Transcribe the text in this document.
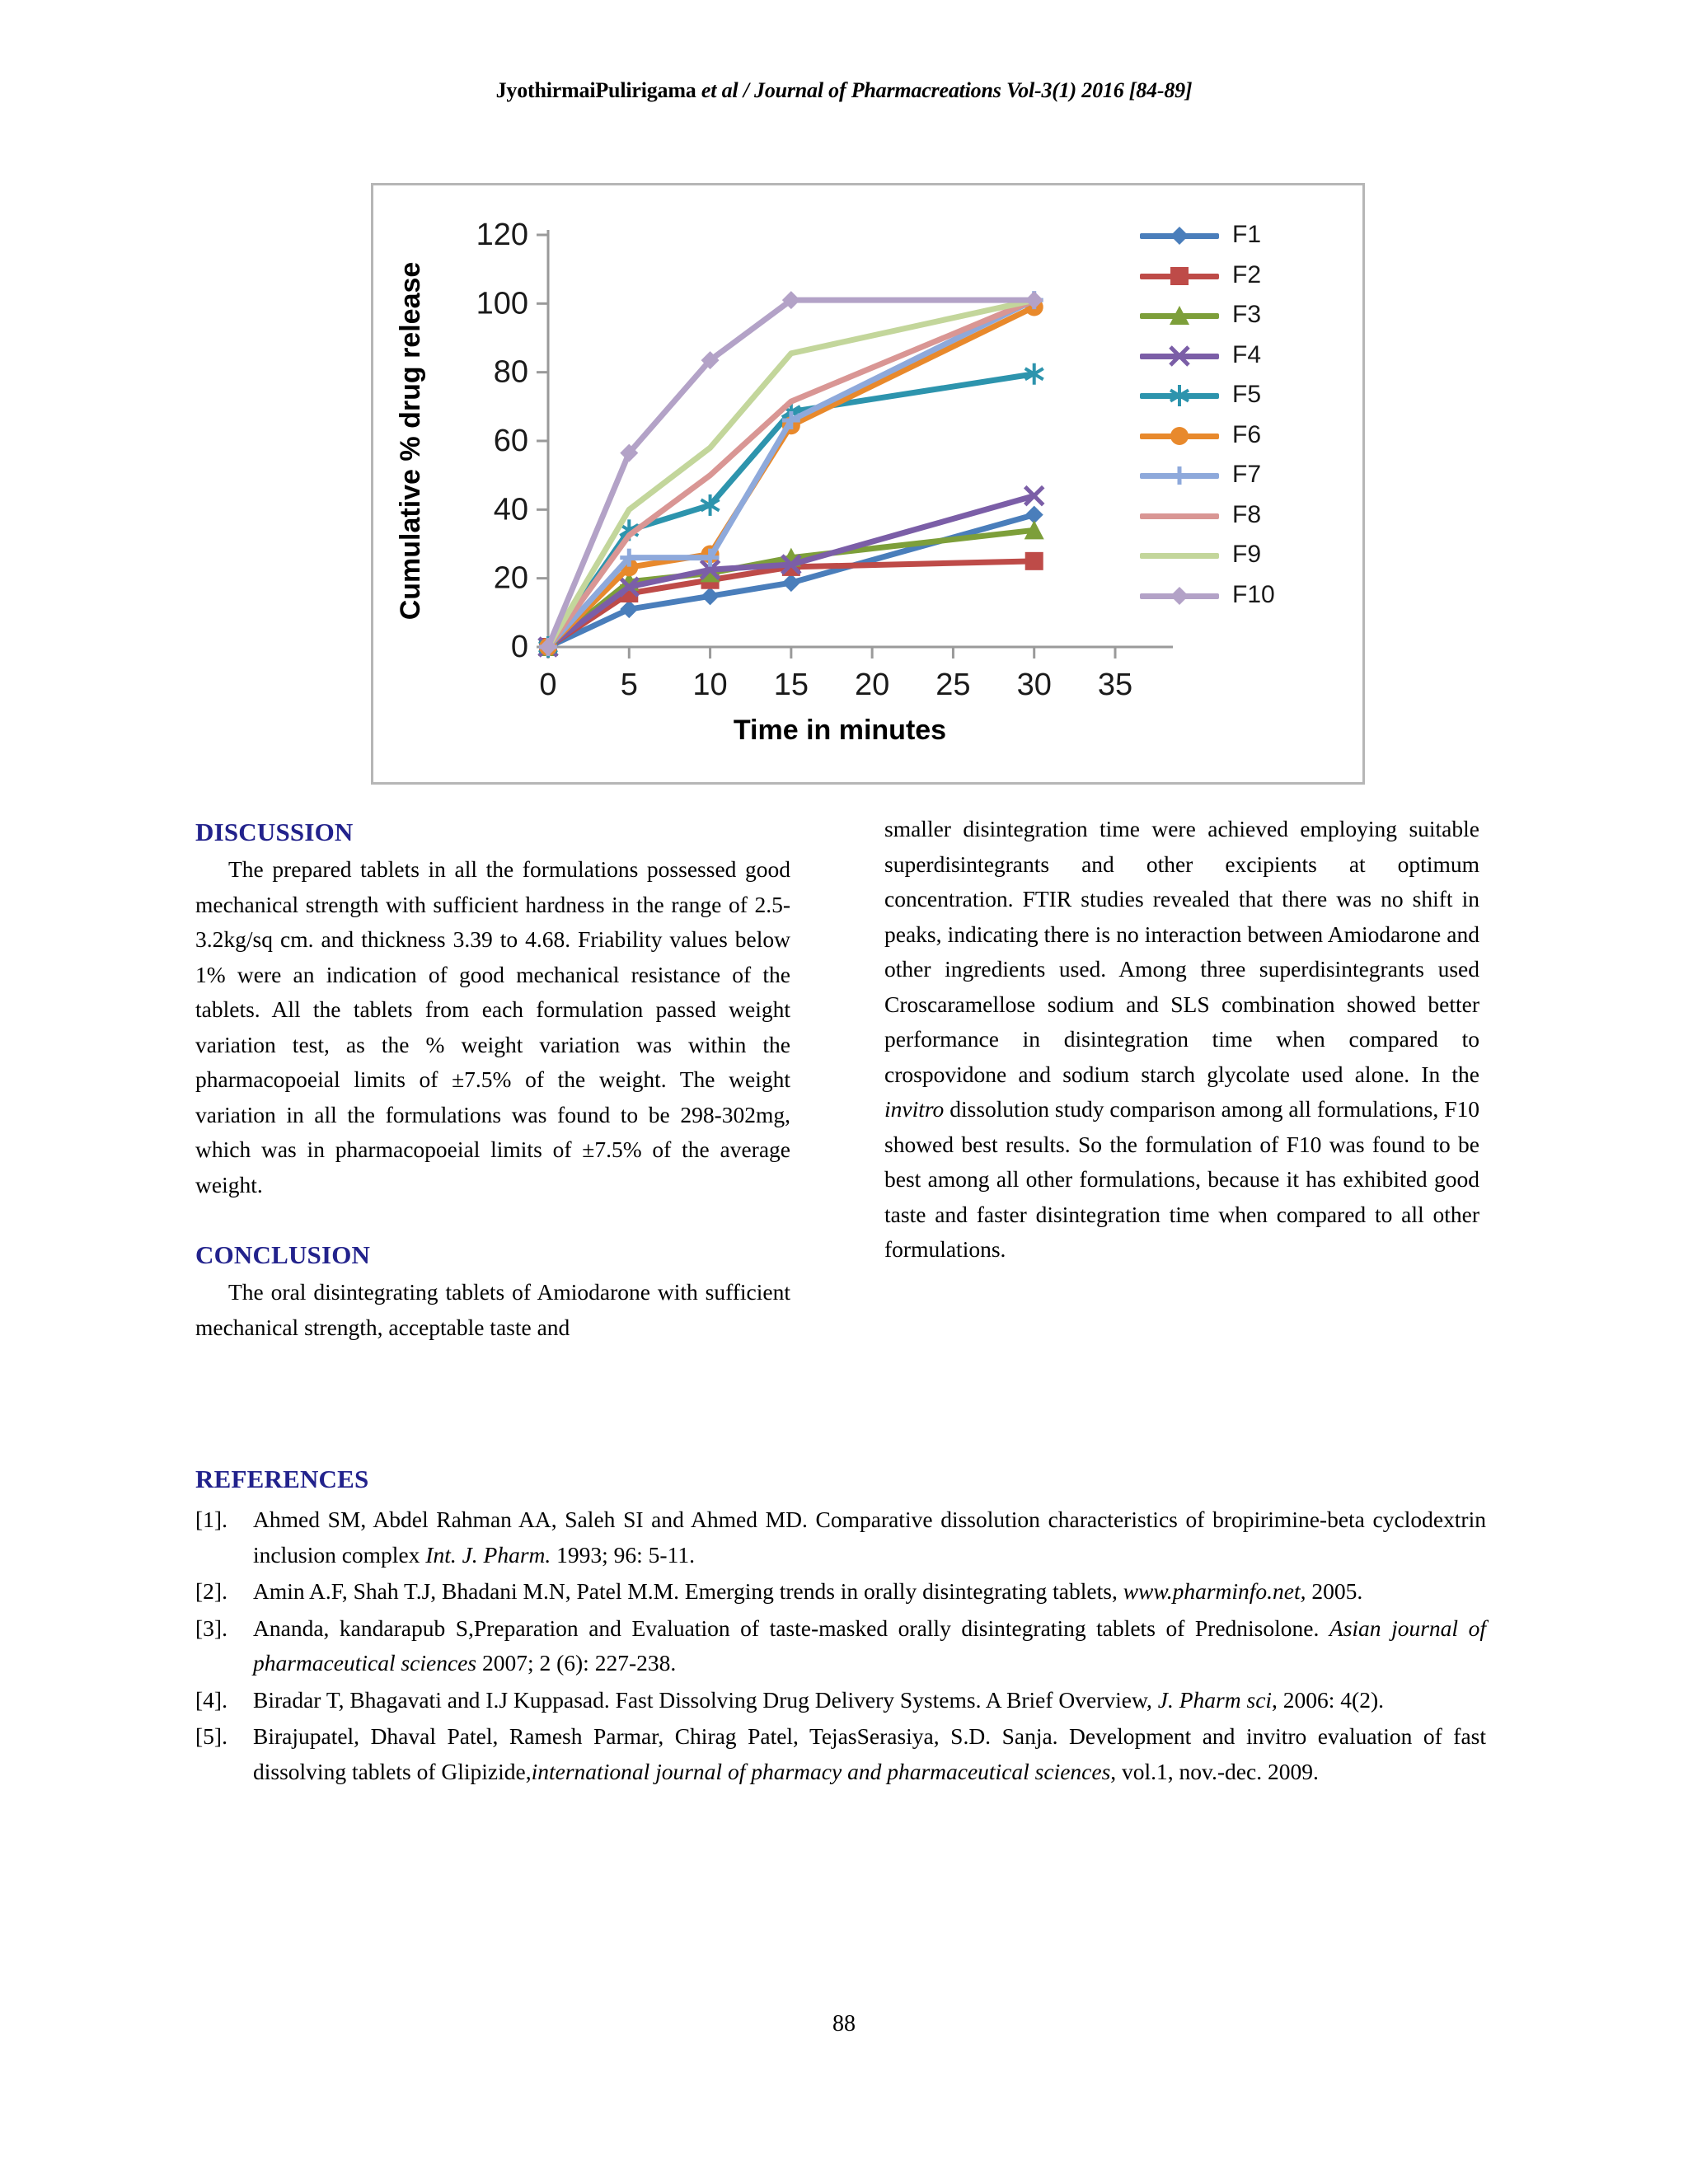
JyothirmaiPulirigama et al / Journal of Pharmacreations Vol-3(1) 2016 [84-89]
0
20
40
60
80
100
120
0 5 10 15 20 25 30 35
Time in minutes
Cumulative % drug release
F1
F2
F3
F4
F5
F6
F7
F8
F9
F10
DISCUSSION

The prepared tablets in all the formulations possessed good mechanical strength with sufficient hardness in the range of 2.5-3.2kg/sq cm. and thickness 3.39 to 4.68. Friability values below 1% were an indication of good mechanical resistance of the tablets. All the tablets from each formulation passed weight variation test, as the % weight variation was within the pharmacopoeial limits of ±7.5% of the weight. The weight variation in all the formulations was found to be 298-302mg, which was in pharmacopoeial limits of ±7.5% of the average weight.

CONCLUSION

The oral disintegrating tablets of Amiodarone with sufficient mechanical strength, acceptable taste and

smaller disintegration time were achieved employing suitable superdisintegrants and other excipients at optimum concentration. FTIR studies revealed that there was no shift in peaks, indicating there is no interaction between Amiodarone and other ingredients used. Among three superdisintegrants used Croscaramellose sodium and SLS combination showed better performance in disintegration time when compared to crospovidone and sodium starch glycolate used alone. In the invitro dissolution study comparison among all formulations, F10 showed best results. So the formulation of F10 was found to be best among all other formulations, because it has exhibited good taste and faster disintegration time when compared to all other formulations.

REFERENCES
[1].	Ahmed SM, Abdel Rahman AA, Saleh SI and Ahmed MD. Comparative dissolution characteristics of bropirimine-beta cyclodextrin inclusion complex Int. J. Pharm. 1993; 96: 5-11.
[2].	Amin A.F, Shah T.J, Bhadani M.N, Patel M.M. Emerging trends in orally disintegrating tablets, www.pharminfo.net, 2005.
[3].	Ananda, kandarapub S,Preparation and Evaluation of taste-masked orally disintegrating tablets of Prednisolone. Asian journal of pharmaceutical sciences 2007; 2 (6): 227-238.
[4].	Biradar T, Bhagavati and I.J Kuppasad. Fast Dissolving Drug Delivery Systems. A Brief Overview, J. Pharm sci, 2006: 4(2).
[5].	Birajupatel, Dhaval Patel, Ramesh Parmar, Chirag Patel, TejasSerasiya, S.D. Sanja. Development and invitro evaluation of fast dissolving tablets of Glipizide,international journal of pharmacy and pharmaceutical sciences, vol.1, nov.-dec. 2009.
88
